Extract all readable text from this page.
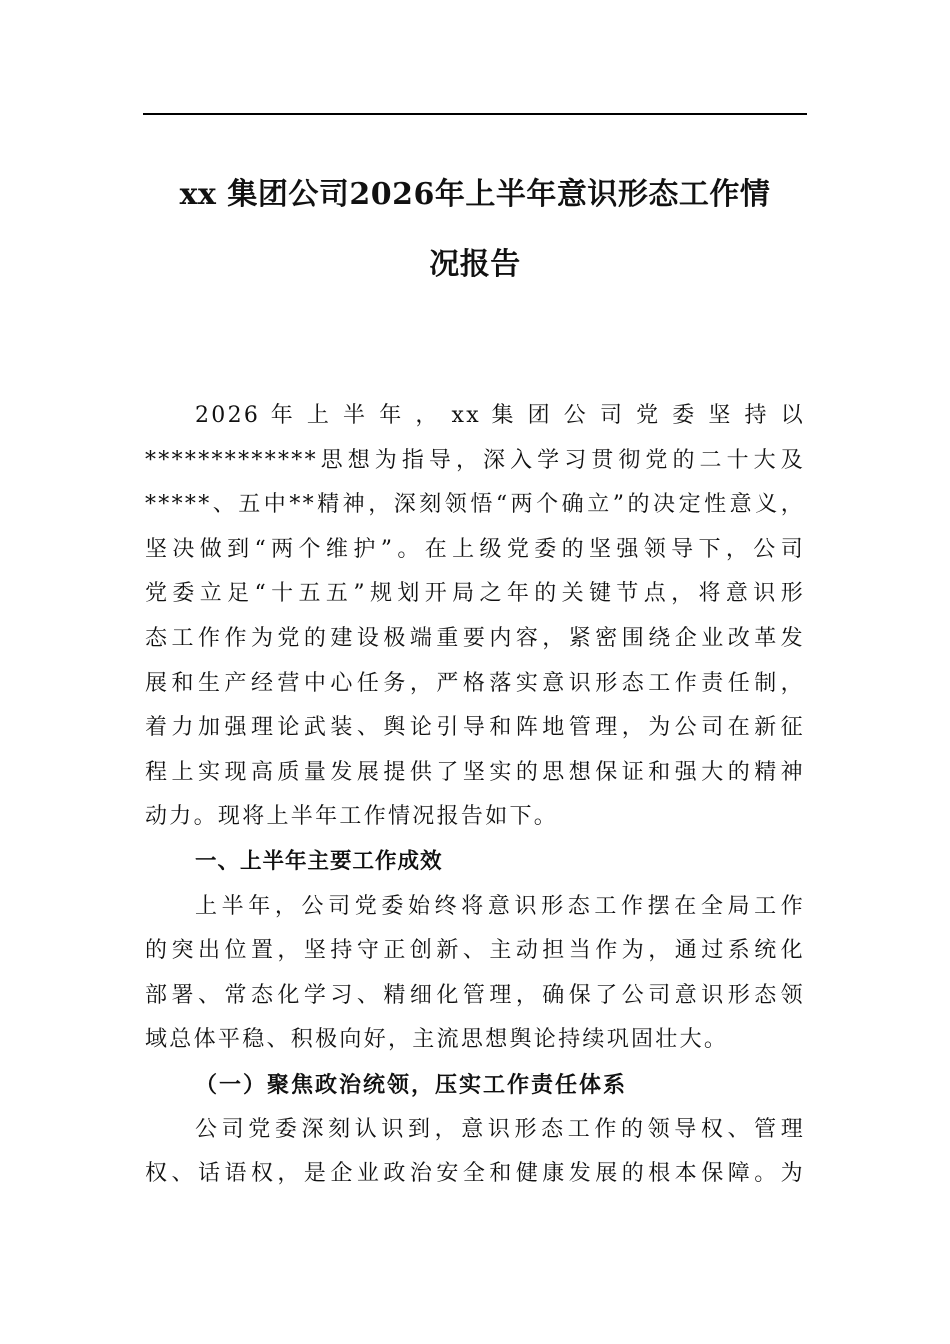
xx 集团公司2026年上半年意识形态工作情
况报告

2026 年 上 半 年 ， xx 集 团 公 司 党 委 坚 持 以
*************思想为指导，深入学习贯彻党的二十大及
*****、五中**精神，深刻领悟“两个确立”的决定性意义，
坚决做到“两个维护”。在上级党委的坚强领导下，公司
党委立足“十五五”规划开局之年的关键节点，将意识形
态工作作为党的建设极端重要内容，紧密围绕企业改革发
展和生产经营中心任务，严格落实意识形态工作责任制，
着力加强理论武装、舆论引导和阵地管理，为公司在新征
程上实现高质量发展提供了坚实的思想保证和强大的精神
动力。现将上半年工作情况报告如下。

一、上半年主要工作成效

上半年，公司党委始终将意识形态工作摆在全局工作
的突出位置，坚持守正创新、主动担当作为，通过系统化
部署、常态化学习、精细化管理，确保了公司意识形态领
域总体平稳、积极向好，主流思想舆论持续巩固壮大。

（一）聚焦政治统领，压实工作责任体系

公司党委深刻认识到，意识形态工作的领导权、管理
权、话语权，是企业政治安全和健康发展的根本保障。为
